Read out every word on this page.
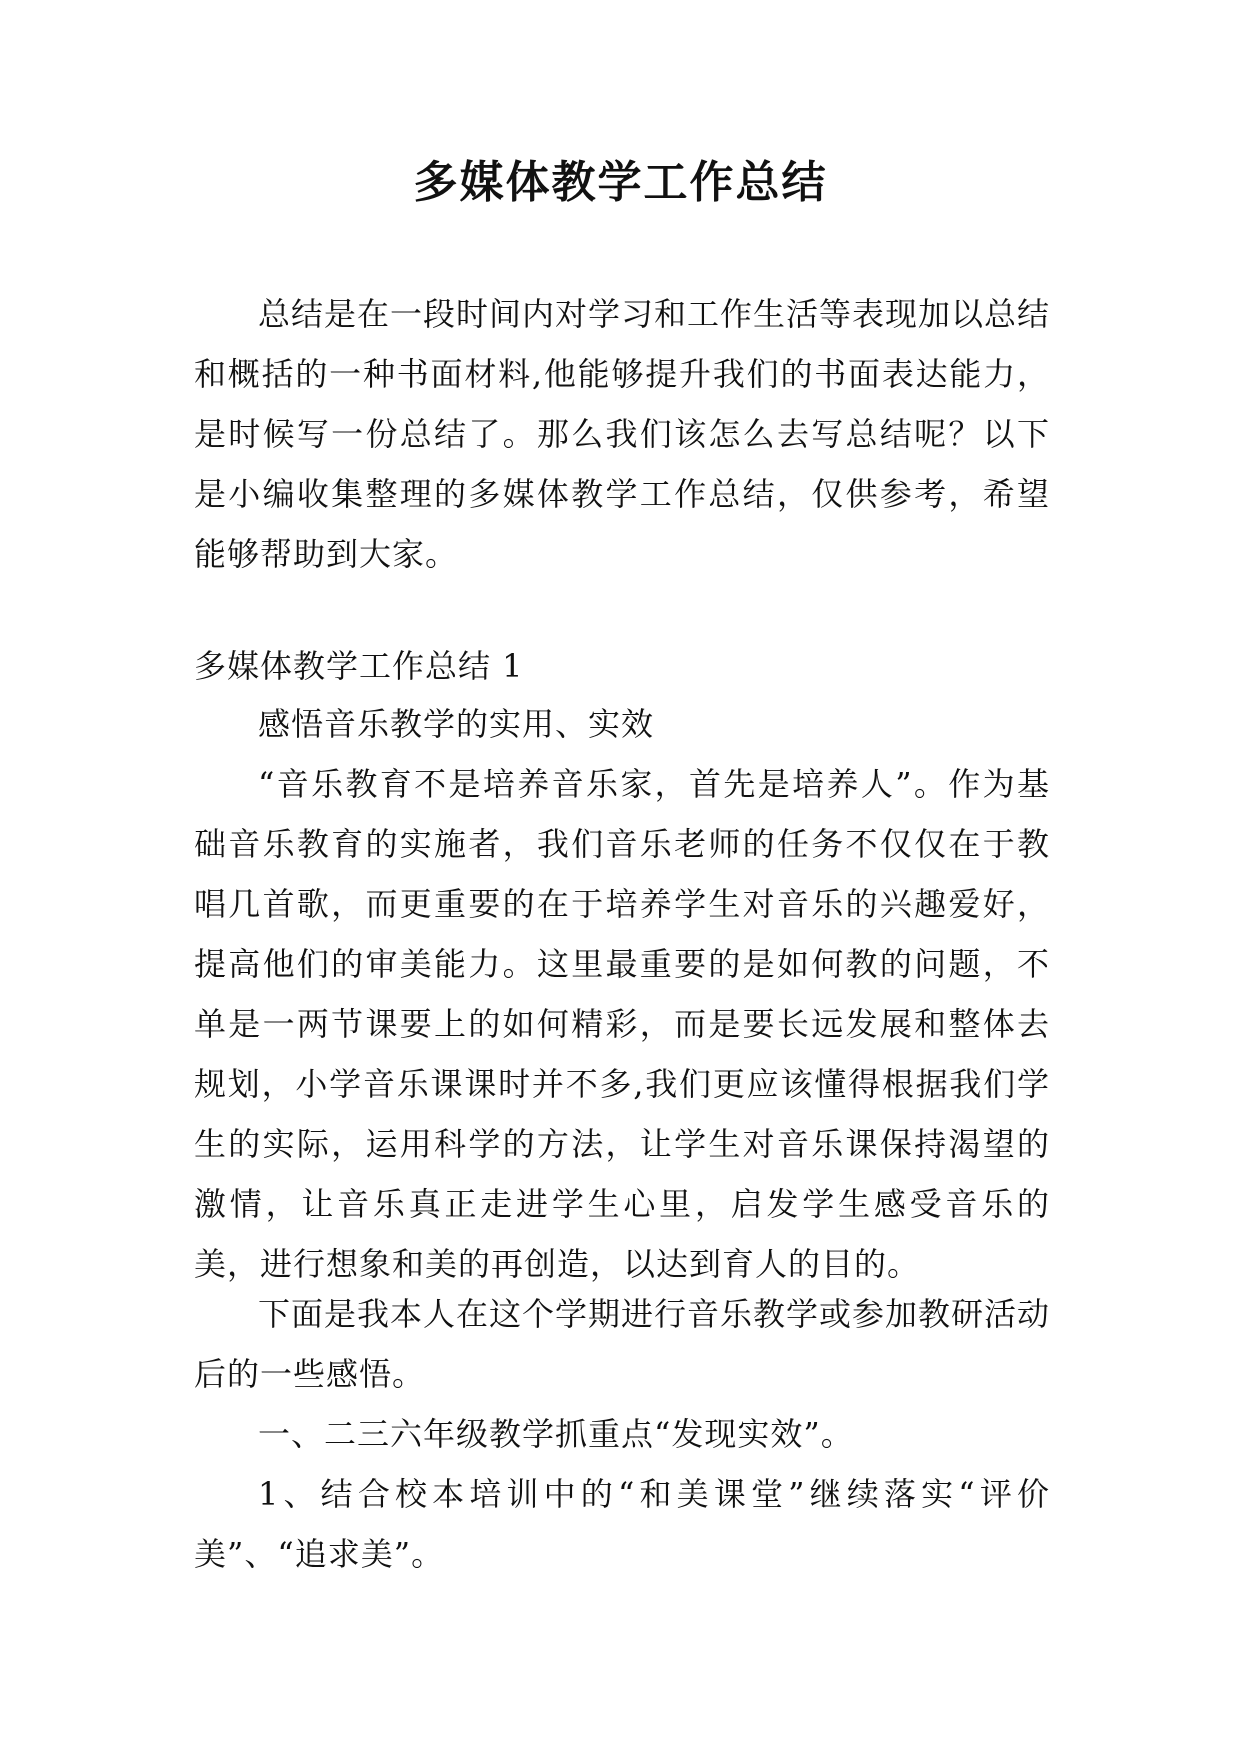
多媒体教学工作总结

总结是在一段时间内对学习和工作生活等表现加以总结和概括的一种书面材料,他能够提升我们的书面表达能力，是时候写一份总结了。那么我们该怎么去写总结呢？以下是小编收集整理的多媒体教学工作总结，仅供参考，希望能够帮助到大家。

多媒体教学工作总结 1

感悟音乐教学的实用、实效

“音乐教育不是培养音乐家，首先是培养人”。作为基础音乐教育的实施者，我们音乐老师的任务不仅仅在于教唱几首歌，而更重要的在于培养学生对音乐的兴趣爱好，提高他们的审美能力。这里最重要的是如何教的问题，不单是一两节课要上的如何精彩，而是要长远发展和整体去规划，小学音乐课课时并不多,我们更应该懂得根据我们学生的实际，运用科学的方法，让学生对音乐课保持渴望的激情，让音乐真正走进学生心里，启发学生感受音乐的美，进行想象和美的再创造，以达到育人的目的。

下面是我本人在这个学期进行音乐教学或参加教研活动后的一些感悟。

一、二三六年级教学抓重点“发现实效”。

1、结合校本培训中的“和美课堂”继续落实“评价美”、“追求美”。
